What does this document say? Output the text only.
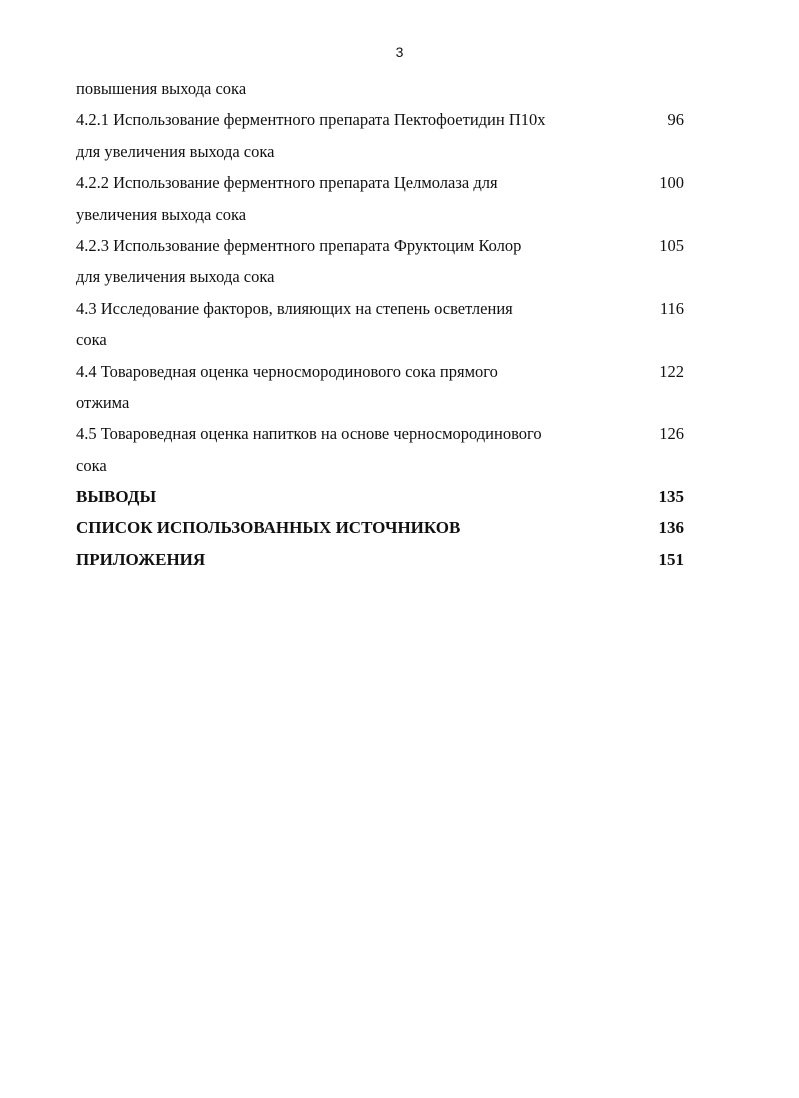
3
повышения выхода сока
4.2.1 Использование ферментного препарата Пектофоетидин П10х	96
для увеличения выхода сока
4.2.2 Использование ферментного препарата Целмолаза для	100
увеличения выхода сока
4.2.3 Использование ферментного препарата Фруктоцим Колор	105
для увеличения выхода сока
4.3 Исследование факторов, влияющих на степень осветления	116
сока
4.4 Товароведная оценка черносмородинового сока прямого	122
отжима
4.5 Товароведная оценка напитков на основе черносмородинового	126
сока
ВЫВОДЫ	135
СПИСОК ИСПОЛЬЗОВАННЫХ ИСТОЧНИКОВ	136
ПРИЛОЖЕНИЯ	151
